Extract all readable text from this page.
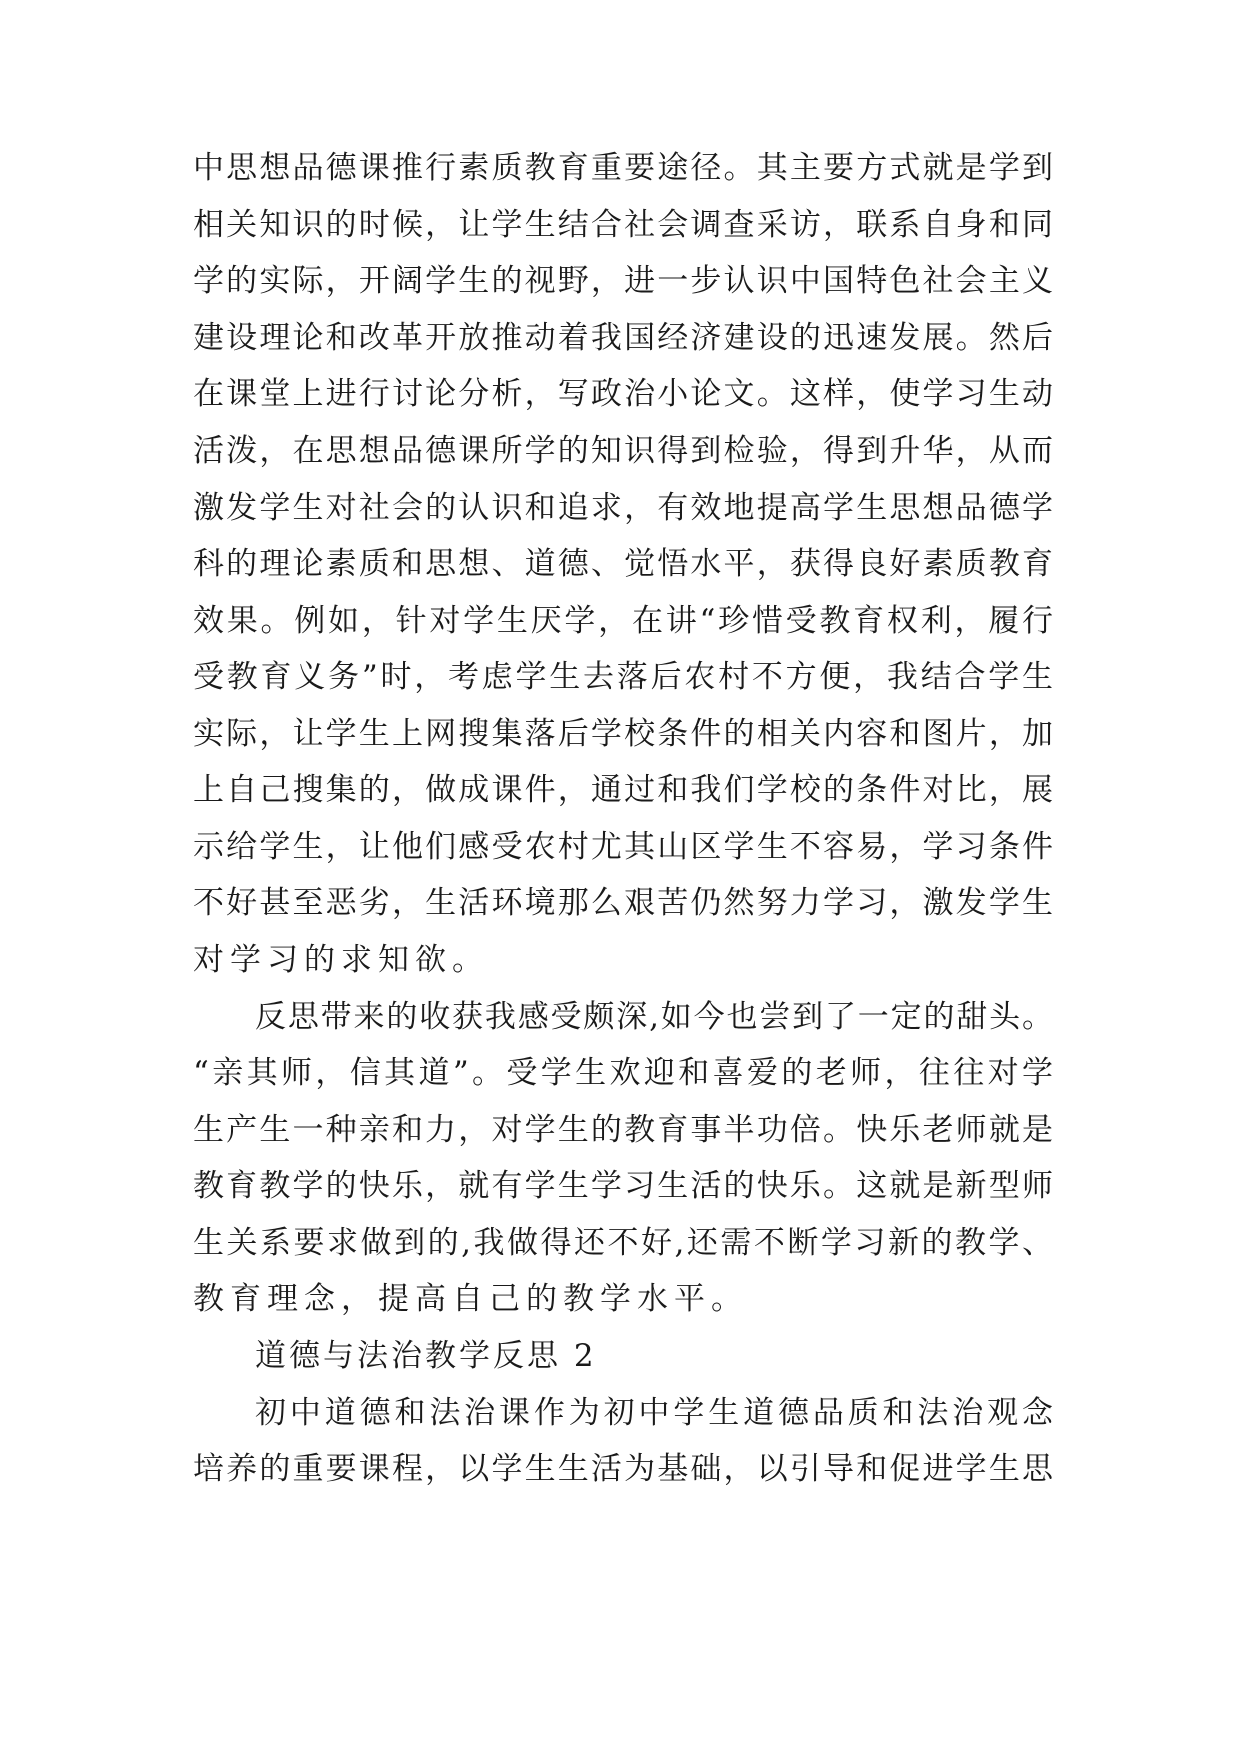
中思想品德课推行素质教育重要途径。其主要方式就是学到
相关知识的时候，让学生结合社会调查采访，联系自身和同
学的实际，开阔学生的视野，进一步认识中国特色社会主义
建设理论和改革开放推动着我国经济建设的迅速发展。然后
在课堂上进行讨论分析，写政治小论文。这样，使学习生动
活泼，在思想品德课所学的知识得到检验，得到升华，从而
激发学生对社会的认识和追求，有效地提高学生思想品德学
科的理论素质和思想、道德、觉悟水平，获得良好素质教育
效果。例如，针对学生厌学，在讲“珍惜受教育权利，履行
受教育义务”时，考虑学生去落后农村不方便，我结合学生
实际，让学生上网搜集落后学校条件的相关内容和图片，加
上自己搜集的，做成课件，通过和我们学校的条件对比，展
示给学生，让他们感受农村尤其山区学生不容易，学习条件
不好甚至恶劣，生活环境那么艰苦仍然努力学习，激发学生
对学习的求知欲。
反思带来的收获我感受颇深,如今也尝到了一定的甜头。
“亲其师，信其道”。受学生欢迎和喜爱的老师，往往对学
生产生一种亲和力，对学生的教育事半功倍。快乐老师就是
教育教学的快乐，就有学生学习生活的快乐。这就是新型师
生关系要求做到的,我做得还不好,还需不断学习新的教学、
教育理念，提高自己的教学水平。
道德与法治教学反思 2
初中道德和法治课作为初中学生道德品质和法治观念
培养的重要课程，以学生生活为基础，以引导和促进学生思
